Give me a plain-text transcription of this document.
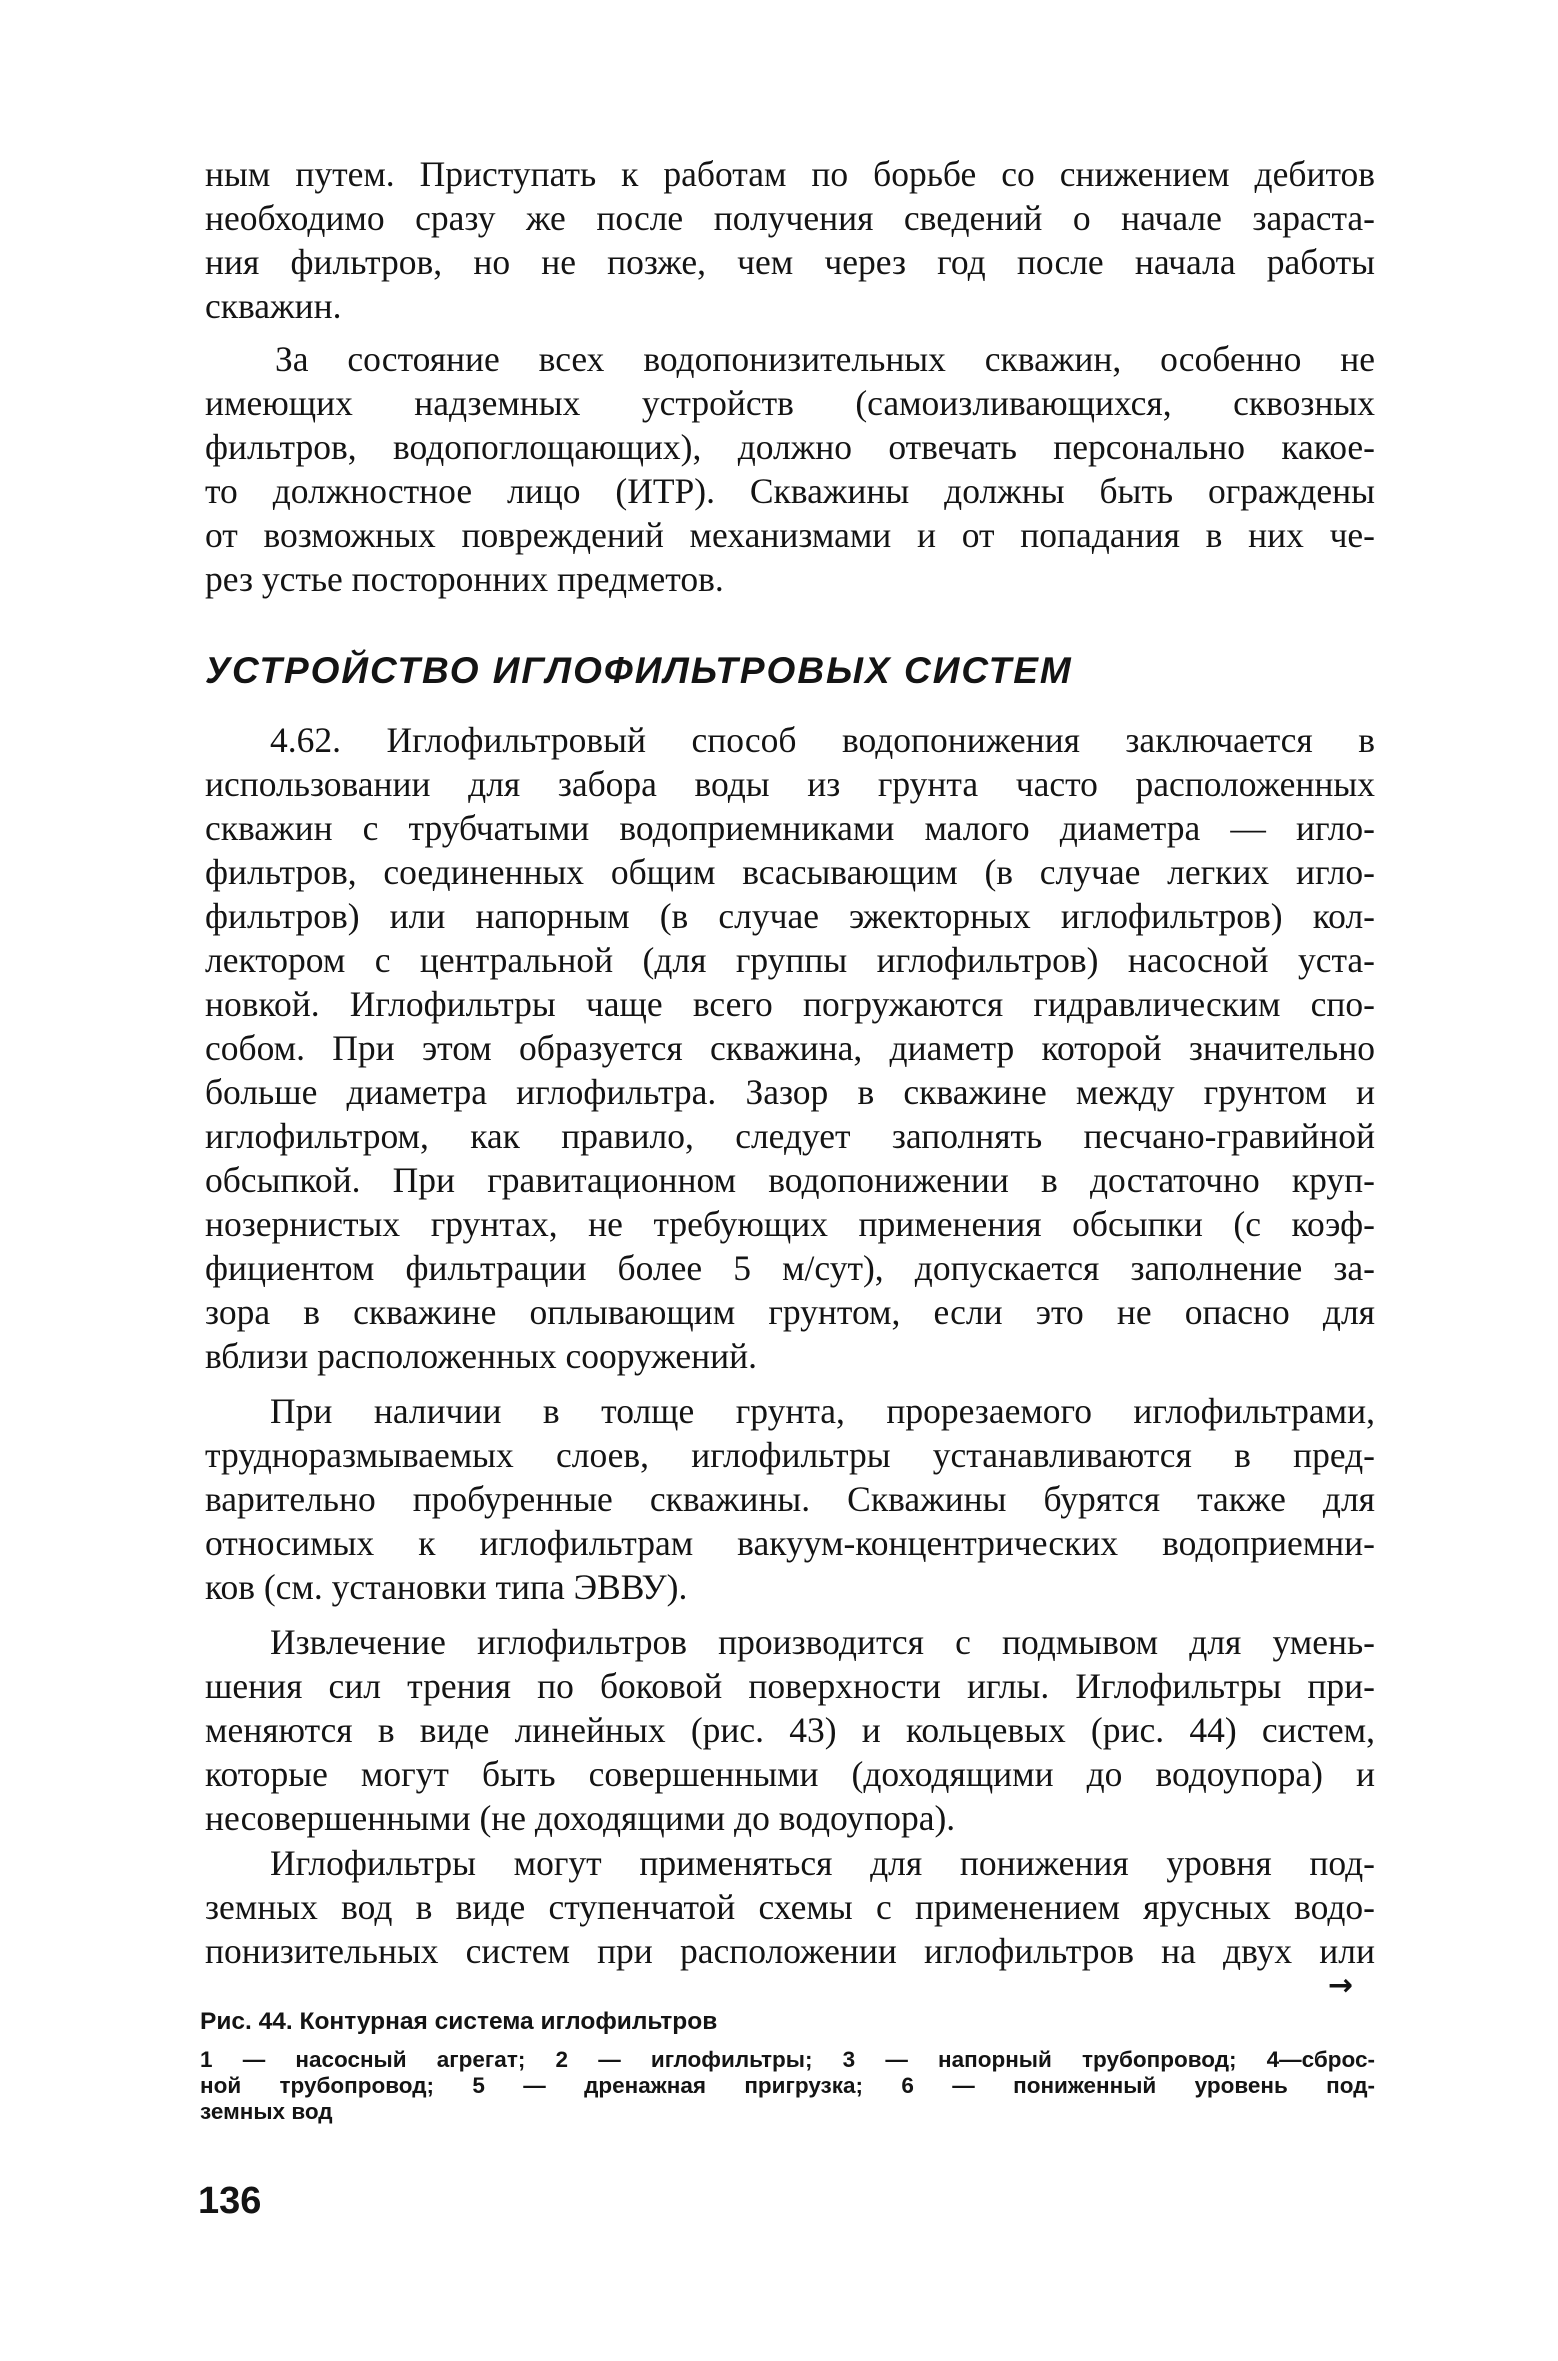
ным путем. Приступать к работам по борьбе со снижением дебитов
необходимо сразу же после получения сведений о начале зараста-
ния фильтров, но не позже, чем через год после начала работы
скважин.
За состояние всех водопонизительных скважин, особенно не
имеющих надземных устройств (самоизливающихся, сквозных
фильтров, водопоглощающих), должно отвечать персонально какое-
то должностное лицо (ИТР). Скважины должны быть ограждены
от возможных повреждений механизмами и от попадания в них че-
рез устье посторонних предметов.
УСТРОЙСТВО ИГЛОФИЛЬТРОВЫХ СИСТЕМ
4.62. Иглофильтровый способ водопонижения заключается в
использовании для забора воды из грунта часто расположенных
скважин с трубчатыми водоприемниками малого диаметра — игло-
фильтров, соединенных общим всасывающим (в случае легких игло-
фильтров) или напорным (в случае эжекторных иглофильтров) кол-
лектором с центральной (для группы иглофильтров) насосной уста-
новкой. Иглофильтры чаще всего погружаются гидравлическим спо-
собом. При этом образуется скважина, диаметр которой значительно
больше диаметра иглофильтра. Зазор в скважине между грунтом и
иглофильтром, как правило, следует заполнять песчано-гравийной
обсыпкой. При гравитационном водопонижении в достаточно круп-
нозернистых грунтах, не требующих применения обсыпки (с коэф-
фициентом фильтрации более 5 м/сут), допускается заполнение за-
зора в скважине оплывающим грунтом, если это не опасно для
вблизи расположенных сооружений.
При наличии в толще грунта, прорезаемого иглофильтрами,
трудноразмываемых слоев, иглофильтры устанавливаются в пред-
варительно пробуренные скважины. Скважины бурятся также для
относимых к иглофильтрам вакуум-концентрических водоприемни-
ков (см. установки типа ЭВВУ).
Извлечение иглофильтров производится с подмывом для умень-
шения сил трения по боковой поверхности иглы. Иглофильтры при-
меняются в виде линейных (рис. 43) и кольцевых (рис. 44) систем,
которые могут быть совершенными (доходящими до водоупора) и
несовершенными (не доходящими до водоупора).
Иглофильтры могут применяться для понижения уровня под-
земных вод в виде ступенчатой схемы с применением ярусных водо-
понизительных систем при расположении иглофильтров на двух или
→
Рис. 44. Контурная система иглофильтров
1 — насосный агрегат; 2 — иглофильтры; 3 — напорный трубопровод; 4—сброс-
ной трубопровод; 5 — дренажная пригрузка; 6 — пониженный уровень под-
земных вод
136
